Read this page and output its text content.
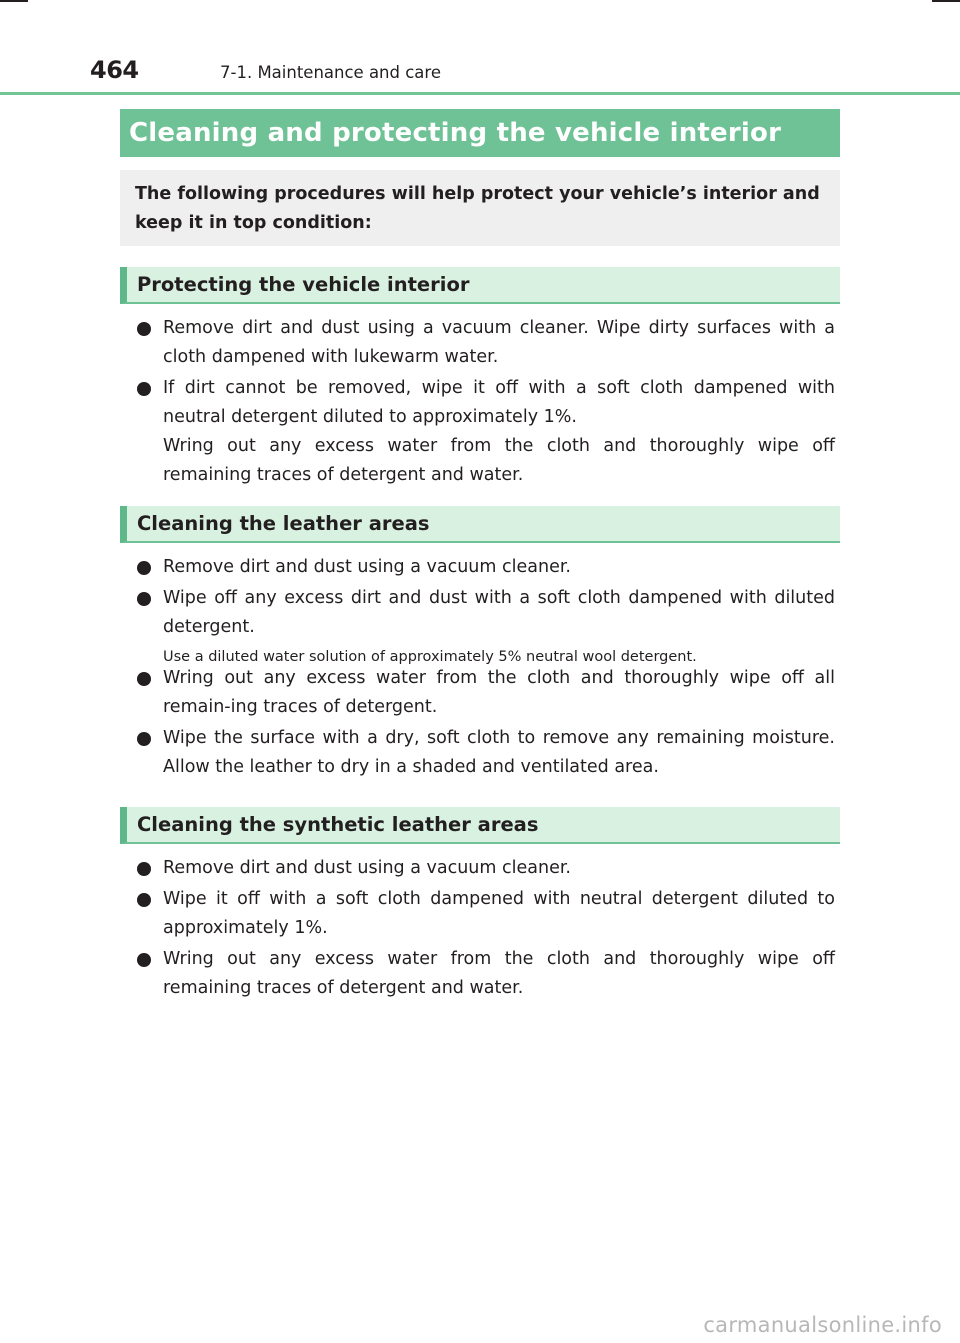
464	7-1. Maintenance and care
Cleaning and protecting the vehicle interior
The following procedures will help protect your vehicle’s interior and keep it in top condition:
Protecting the vehicle interior
Remove dirt and dust using a vacuum cleaner. Wipe dirty surfaces with a cloth dampened with lukewarm water.
If dirt cannot be removed, wipe it off with a soft cloth dampened with neutral detergent diluted to approximately 1%.
Wring out any excess water from the cloth and thoroughly wipe off remaining traces of detergent and water.
Cleaning the leather areas
Remove dirt and dust using a vacuum cleaner.
Wipe off any excess dirt and dust with a soft cloth dampened with diluted detergent.
Use a diluted water solution of approximately 5% neutral wool detergent.
Wring out any excess water from the cloth and thoroughly wipe off all remain-ing traces of detergent.
Wipe the surface with a dry, soft cloth to remove any remaining moisture. Allow the leather to dry in a shaded and ventilated area.
Cleaning the synthetic leather areas
Remove dirt and dust using a vacuum cleaner.
Wipe it off with a soft cloth dampened with neutral detergent diluted to approximately 1%.
Wring out any excess water from the cloth and thoroughly wipe off remaining traces of detergent and water.
carmanualsonline.info
